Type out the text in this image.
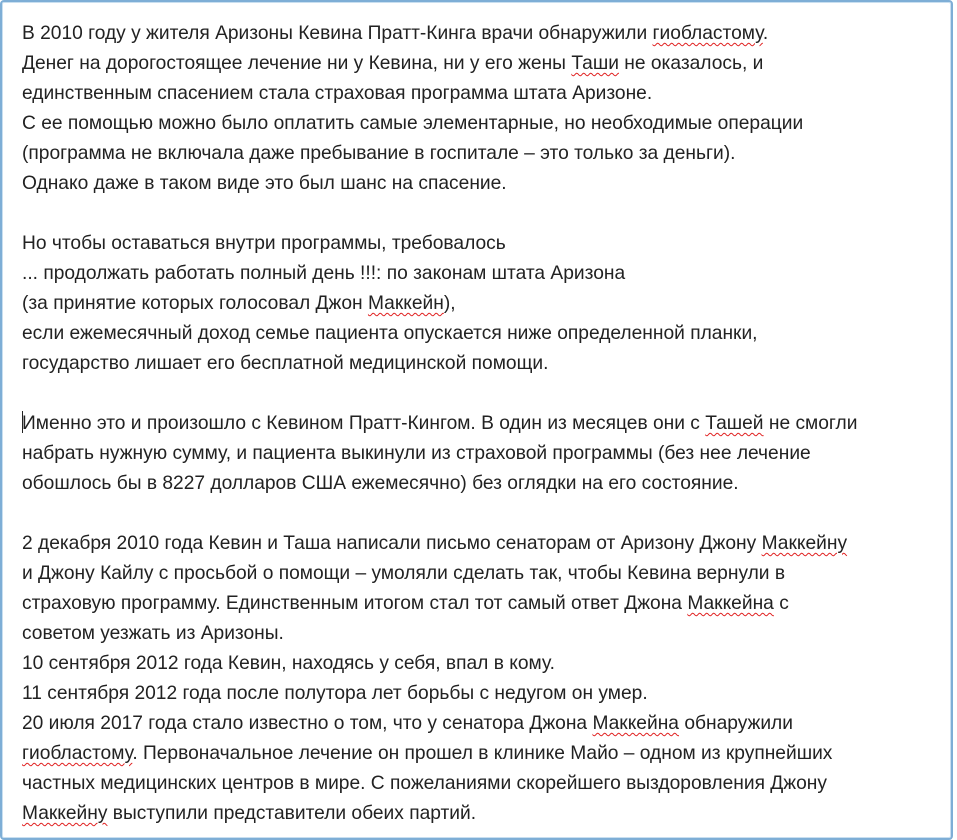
В 2010 году у жителя Аризоны Кевина Пратт-Кинга врачи обнаружили гиобластому.
Денег на дорогостоящее лечение ни у Кевина, ни у его жены Таши не оказалось, и
единственным спасением стала страховая программа штата Аризоне.
С ее помощью можно было оплатить самые элементарные, но необходимые операции
(программа не включала даже пребывание в госпитале – это только за деньги).
Однако даже в таком виде это был шанс на спасение.
Но чтобы оставаться внутри программы, требовалось
... продолжать работать полный день !!!: по законам штата Аризона
(за принятие которых голосовал Джон Маккейн),
если ежемесячный доход семье пациента опускается ниже определенной планки,
государство лишает его бесплатной медицинской помощи.
Именно это и произошло с Кевином Пратт-Кингом. В один из месяцев они с Ташей не смогли
набрать нужную сумму, и пациента выкинули из страховой программы (без нее лечение
обошлось бы в 8227 долларов США ежемесячно) без оглядки на его состояние.
2 декабря 2010 года Кевин и Таша написали письмо сенаторам от Аризону Джону Маккейну
и Джону Кайлу с просьбой о помощи – умоляли сделать так, чтобы Кевина вернули в
страховую программу. Единственным итогом стал тот самый ответ Джона Маккейна с
советом уезжать из Аризоны.
10 сентября 2012 года Кевин, находясь у себя, впал в кому.
11 сентября 2012 года после полутора лет борьбы с недугом он умер.
20 июля 2017 года стало известно о том, что у сенатора Джона Маккейна обнаружили
гиобластому. Первоначальное лечение он прошел в клинике Майо – одном из крупнейших
частных медицинских центров в мире. С пожеланиями скорейшего выздоровления Джону
Маккейну выступили представители обеих партий.
